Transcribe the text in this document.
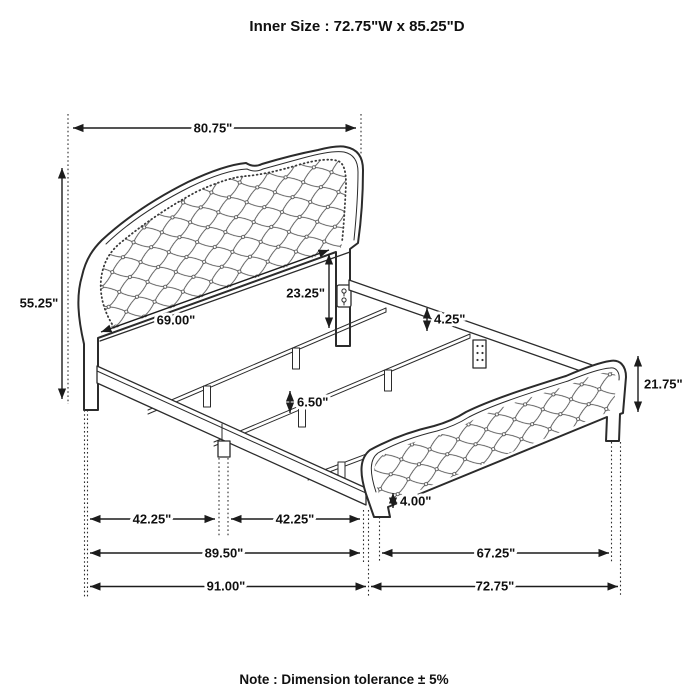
80.75"
55.25"
69.00"
23.25"
4.25"
6.50"
21.75"
4.00"
42.25"	42.25"
89.50"
91.00"
67.25"
72.75"
Inner Size : 72.75"W x 85.25"D
Note : Dimension tolerance ± 5%
